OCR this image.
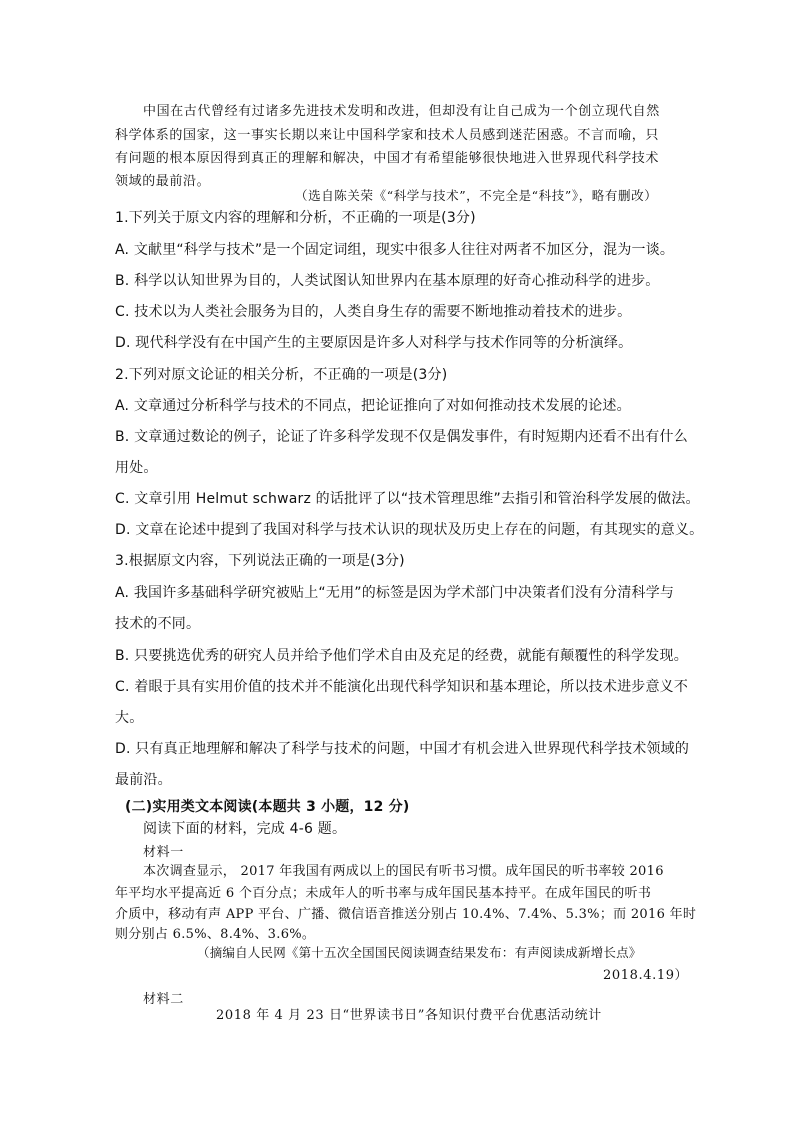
中国在古代曾经有过诸多先进技术发明和改进，但却没有让自己成为一个创立现代自然
科学体系的国家，这一事实长期以来让中国科学家和技术人员感到迷茫困惑。不言而喻，只
有问题的根本原因得到真正的理解和解决，中国才有希望能够很快地进入世界现代科学技术
领域的最前沿。
（选自陈关荣《“科学与技术”，不完全是“科技”》，略有删改）
1.下列关于原文内容的理解和分析，不正确的一项是(3分)
A. 文献里“科学与技术”是一个固定词组，现实中很多人往往对两者不加区分，混为一谈。
B. 科学以认知世界为目的，人类试图认知世界内在基本原理的好奇心推动科学的进步。
C. 技术以为人类社会服务为目的，人类自身生存的需要不断地推动着技术的进步。
D. 现代科学没有在中国产生的主要原因是许多人对科学与技术作同等的分析演绎。
2.下列对原文论证的相关分析，不正确的一项是(3分)
A. 文章通过分析科学与技术的不同点，把论证推向了对如何推动技术发展的论述。
B. 文章通过数论的例子，论证了许多科学发现不仅是偶发事件，有时短期内还看不出有什么
用处。
C. 文章引用 Helmut schwarz 的话批评了以“技术管理思维”去指引和管治科学发展的做法。
D. 文章在论述中提到了我国对科学与技术认识的现状及历史上存在的问题，有其现实的意义。
3.根据原文内容，下列说法正确的一项是(3分)
A. 我国许多基础科学研究被贴上“无用”的标签是因为学术部门中决策者们没有分清科学与
技术的不同。
B. 只要挑选优秀的研究人员并给予他们学术自由及充足的经费，就能有颠覆性的科学发现。
C. 着眼于具有实用价值的技术并不能演化出现代科学知识和基本理论，所以技术进步意义不
大。
D. 只有真正地理解和解决了科学与技术的问题，中国才有机会进入世界现代科学技术领域的
最前沿。
(二)实用类文本阅读(本题共 3 小题，12 分)
阅读下面的材料，完成 4-6 题。
材料一
本次调查显示， 2017 年我国有两成以上的国民有听书习惯。成年国民的听书率较 2016
年平均水平提高近 6 个百分点；未成年人的听书率与成年国民基本持平。在成年国民的听书
介质中，移动有声 APP 平台、广播、微信语音推送分别占 10.4%、7.4%、5.3%；而 2016 年时
则分别占 6.5%、8.4%、3.6%。
（摘编自人民网《第十五次全国国民阅读调查结果发布：有声阅读成新增长点》
2018.4.19）
材料二
2018 年 4 月 23 日“世界读书日”各知识付费平台优惠活动统计
